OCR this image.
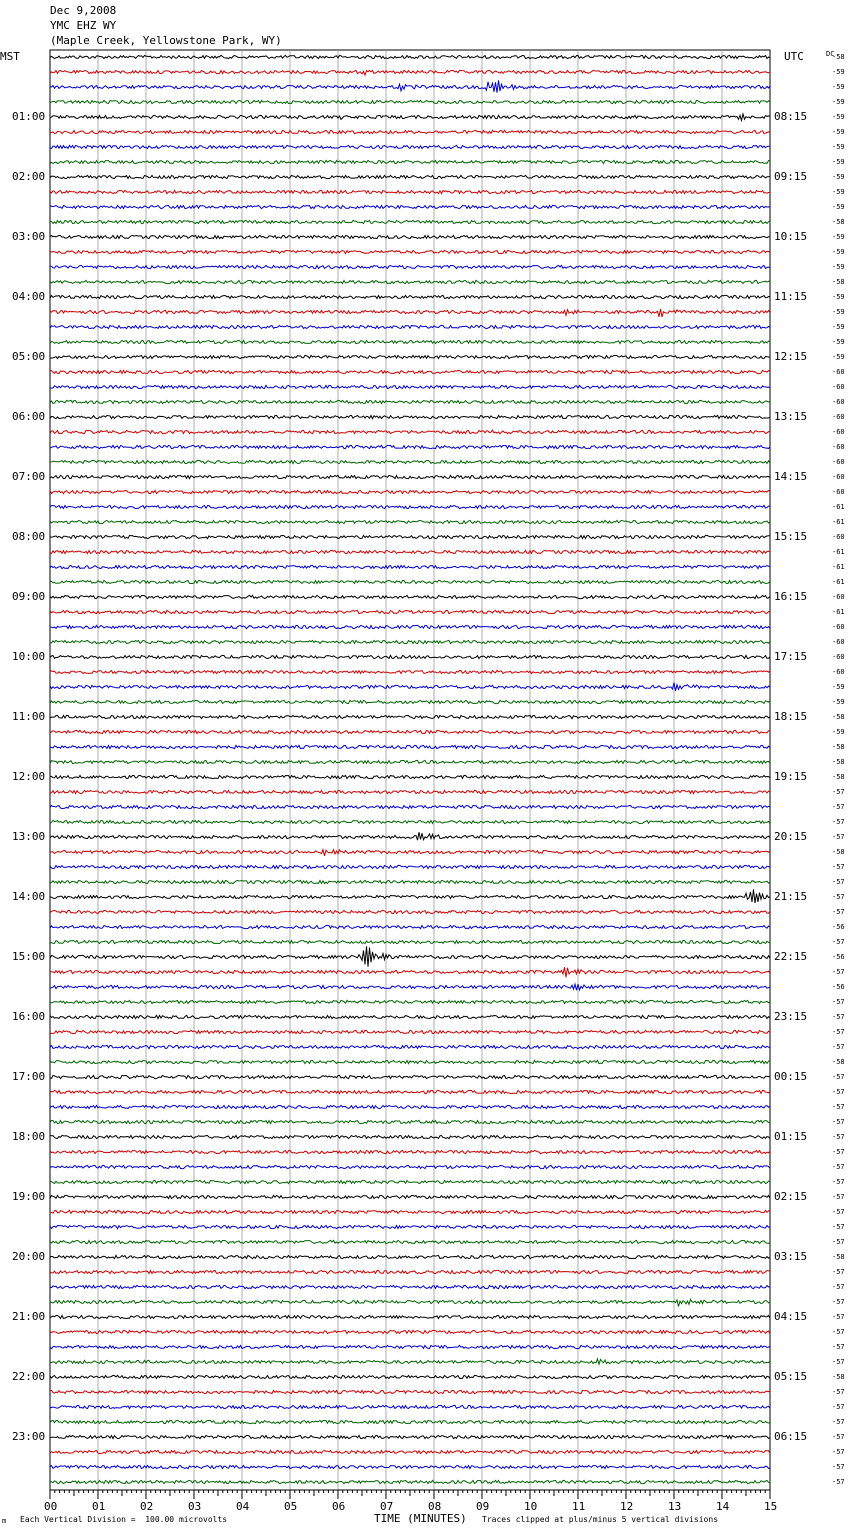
Dec 9,2008
YMC EHZ WY
(Maple Creek, Yellowstone Park, WY)
MST	UTC	DC
01:00
02:00
03:00
04:00
05:00
06:00
07:00
08:00
09:00
10:00
11:00
12:00
13:00
14:00
15:00
16:00
17:00
18:00
19:00
20:00
21:00
22:00
23:00
08:15
09:15
10:15
11:15
12:15
13:15
14:15
15:15
16:15
17:15
18:15
19:15
20:15
21:15
22:15
23:15
00:15
01:15
02:15
03:15
04:15
05:15
06:15
-58
-59
-59
-59
-59
-59
-59
-59
-59
-59
-59
-58
-59
-59
-59
-58
-59
-59
-59
-59
-59
-60
-60
-60
-60
-60
-60
-60
-60
-60
-61
-61
-60
-61
-61
-61
-60
-61
-60
-60
-60
-60
-59
-59
-58
-59
-58
-58
-58
-57
-57
-57
-57
-58
-57
-57
-57
-57
-56
-57
-56
-57
-56
-57
-57
-57
-57
-58
-57
-57
-57
-57
-57
-57
-57
-57
-57
-57
-57
-57
-58
-57
-57
-57
-57
-57
-57
-57
-58
-57
-57
-57
-57
-57
-57
-57
00	01	02	03	04	05	06	07	08	09	10	11	12	13	14	15
m Each Vertical Division =  100.00 microvolts	TIME (MINUTES) Traces clipped at plus/minus 5 vertical divisions
